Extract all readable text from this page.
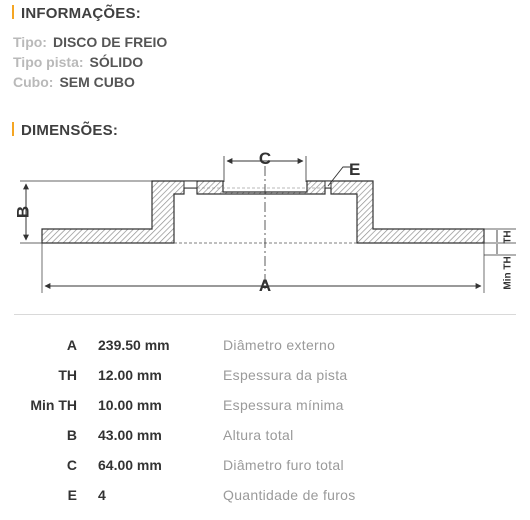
INFORMAÇÕES:
Tipo: DISCO DE FREIO
Tipo pista: SÓLIDO
Cubo: SEM CUBO
DIMENSÕES:
C
E
B
A
TH
Min TH
A 239.50 mm	Diâmetro externo
TH 12.00 mm	Espessura da pista
Min TH 10.00 mm	Espessura mínima
B 43.00 mm	Altura total
C 64.00 mm	Diâmetro furo total
E 4	Quantidade de furos
